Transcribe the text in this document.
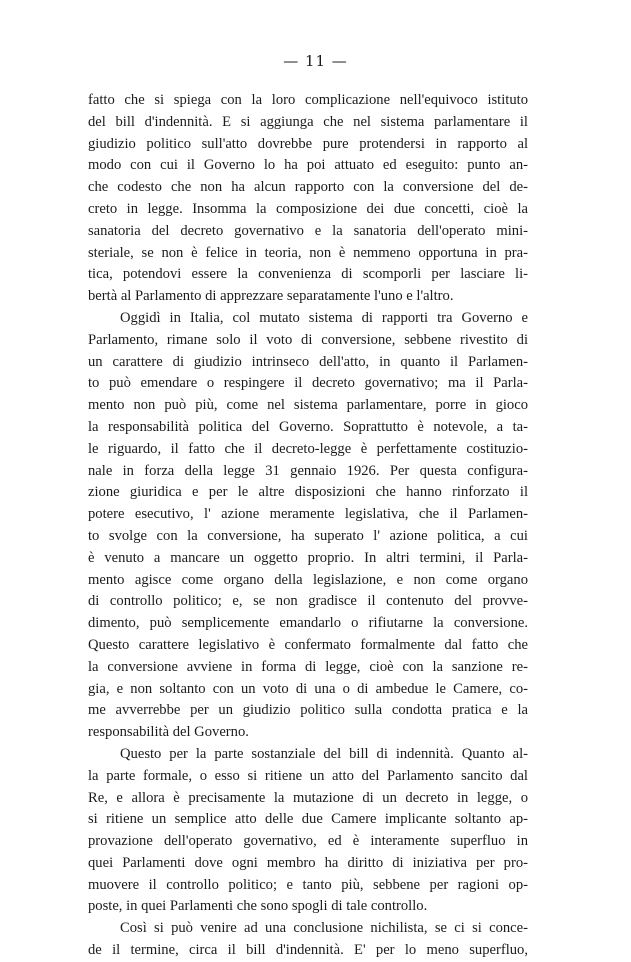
— 11 —
fatto che si spiega con la loro complicazione nell'equivoco istituto
del bill d'indennità. E si aggiunga che nel sistema parlamentare il
giudizio politico sull'atto dovrebbe pure protendersi in rapporto al
modo con cui il Governo lo ha poi attuato ed eseguito: punto an-
che codesto che non ha alcun rapporto con la conversione del de-
creto in legge. Insomma la composizione dei due concetti, cioè la
sanatoria del decreto governativo e la sanatoria dell'operato mini-
steriale, se non è felice in teoria, non è nemmeno opportuna in pra-
tica, potendovi essere la convenienza di scomporli per lasciare li-
bertà al Parlamento di apprezzare separatamente l'uno e l'altro.
Oggidì in Italia, col mutato sistema di rapporti tra Governo e
Parlamento, rimane solo il voto di conversione, sebbene rivestito di
un carattere di giudizio intrinseco dell'atto, in quanto il Parlamen-
to può emendare o respingere il decreto governativo; ma il Parla-
mento non può più, come nel sistema parlamentare, porre in gioco
la responsabilità politica del Governo. Soprattutto è notevole, a ta-
le riguardo, il fatto che il decreto-legge è perfettamente costituzio-
nale in forza della legge 31 gennaio 1926. Per questa configura-
zione giuridica e per le altre disposizioni che hanno rinforzato il
potere esecutivo, l' azione meramente legislativa, che il Parlamen-
to svolge con la conversione, ha superato l' azione politica, a cui
è venuto a mancare un oggetto proprio. In altri termini, il Parla-
mento agisce come organo della legislazione, e non come organo
di controllo politico; e, se non gradisce il contenuto del provve-
dimento, può semplicemente emandarlo o rifiutarne la conversione.
Questo carattere legislativo è confermato formalmente dal fatto che
la conversione avviene in forma di legge, cioè con la sanzione re-
gia, e non soltanto con un voto di una o di ambedue le Camere, co-
me avverrebbe per un giudizio politico sulla condotta pratica e la
responsabilità del Governo.
Questo per la parte sostanziale del bill di indennità. Quanto al-
la parte formale, o esso si ritiene un atto del Parlamento sancito dal
Re, e allora è precisamente la mutazione di un decreto in legge, o
si ritiene un semplice atto delle due Camere implicante soltanto ap-
provazione dell'operato governativo, ed è interamente superfluo in
quei Parlamenti dove ogni membro ha diritto di iniziativa per pro-
muovere il controllo politico; e tanto più, sebbene per ragioni op-
poste, in quei Parlamenti che sono spogli di tale controllo.
Così si può venire ad una conclusione nichilista, se ci si conce-
de il termine, circa il bill d'indennità. E' per lo meno superfluo,
